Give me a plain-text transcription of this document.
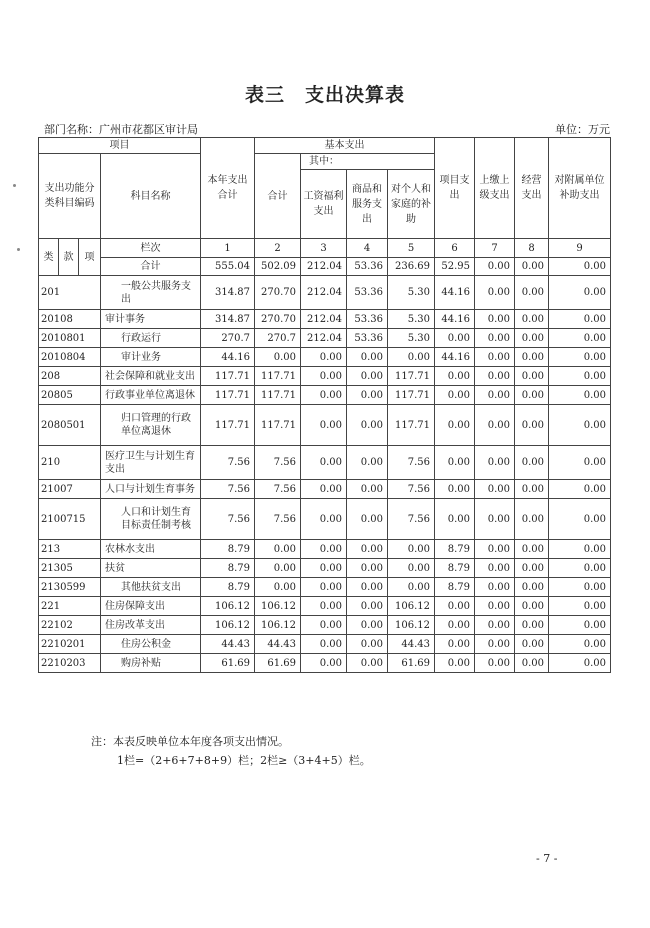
表三　支出决算表
部门名称：广州市花都区审计局	单位：万元
项目				本年支出合计	基本支出				项目支出	上缴上级支出	经营支出	对附属单位补助支出
支出功能分类科目编码			科目名称		合计	其中：						
						工资福利支出	商品和服务支出	对个人和家庭的补助				
类	款	项	栏次	1	2	3	4	5	6	7	8	9
			合计	555.04	502.09	212.04	53.36	236.69	52.95	0.00	0.00	0.00
201			一般公共服务支出	314.87	270.70	212.04	53.36	5.30	44.16	0.00	0.00	0.00
20108			审计事务	314.87	270.70	212.04	53.36	5.30	44.16	0.00	0.00	0.00
2010801			行政运行	270.7	270.7	212.04	53.36	5.30	0.00	0.00	0.00	0.00
2010804			审计业务	44.16	0.00	0.00	0.00	0.00	44.16	0.00	0.00	0.00
208			社会保障和就业支出	117.71	117.71	0.00	0.00	117.71	0.00	0.00	0.00	0.00
20805			行政事业单位离退休	117.71	117.71	0.00	0.00	117.71	0.00	0.00	0.00	0.00
2080501			归口管理的行政单位离退休	117.71	117.71	0.00	0.00	117.71	0.00	0.00	0.00	0.00
210			医疗卫生与计划生育支出	7.56	7.56	0.00	0.00	7.56	0.00	0.00	0.00	0.00
21007			人口与计划生育事务	7.56	7.56	0.00	0.00	7.56	0.00	0.00	0.00	0.00
2100715			人口和计划生育目标责任制考核	7.56	7.56	0.00	0.00	7.56	0.00	0.00	0.00	0.00
213			农林水支出	8.79	0.00	0.00	0.00	0.00	8.79	0.00	0.00	0.00
21305			扶贫	8.79	0.00	0.00	0.00	0.00	8.79	0.00	0.00	0.00
2130599			其他扶贫支出	8.79	0.00	0.00	0.00	0.00	8.79	0.00	0.00	0.00
221			住房保障支出	106.12	106.12	0.00	0.00	106.12	0.00	0.00	0.00	0.00
22102			住房改革支出	106.12	106.12	0.00	0.00	106.12	0.00	0.00	0.00	0.00
2210201			住房公积金	44.43	44.43	0.00	0.00	44.43	0.00	0.00	0.00	0.00
2210203			购房补贴	61.69	61.69	0.00	0.00	61.69	0.00	0.00	0.00	0.00
注：本表反映单位本年度各项支出情况。
1栏=（2+6+7+8+9）栏；2栏≥（3+4+5）栏。
- 7 -
